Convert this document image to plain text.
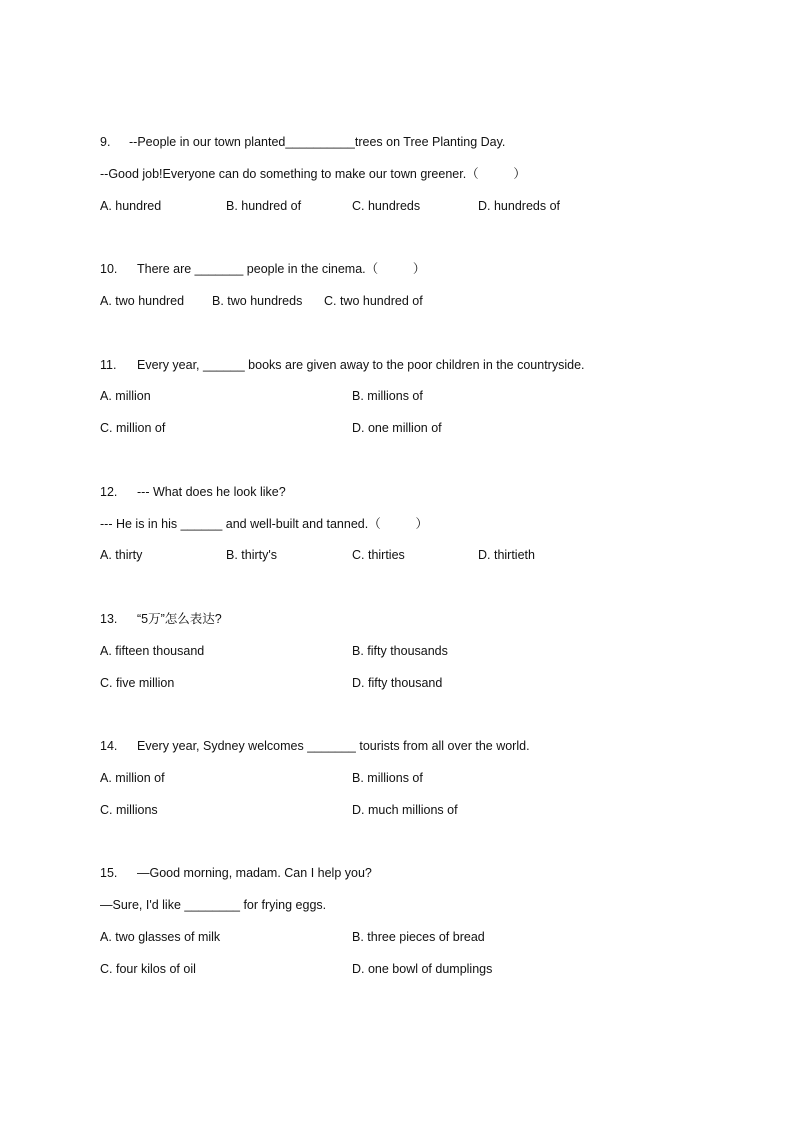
9. --People in our town planted__________trees on Tree Planting Day.
--Good job!Everyone can do something to make our town greener.（          ）
A. hundred	B. hundred of	C. hundreds	D. hundreds of
10. There are _______ people in the cinema.（          ）
A. two hundred B. two hundreds C. two hundred of
11. Every year, ______ books are given away to the poor children in the countryside.
A. million	B. millions of
C. million of	D. one million of
12. --- What does he look like?
--- He is in his ______ and well-built and tanned.（          ）
A. thirty	B. thirty's	C. thirties	D. thirtieth
13. “5万”怎么表达?
A. fifteen thousand	B. fifty thousands
C. five million	D. fifty thousand
14. Every year, Sydney welcomes _______ tourists from all over the world.
A. million of	B. millions of
C. millions	D. much millions of
15. —Good morning, madam. Can I help you?
—Sure, I'd like ________ for frying eggs.
A. two glasses of milk	B. three pieces of bread
C. four kilos of oil	D. one bowl of dumplings
